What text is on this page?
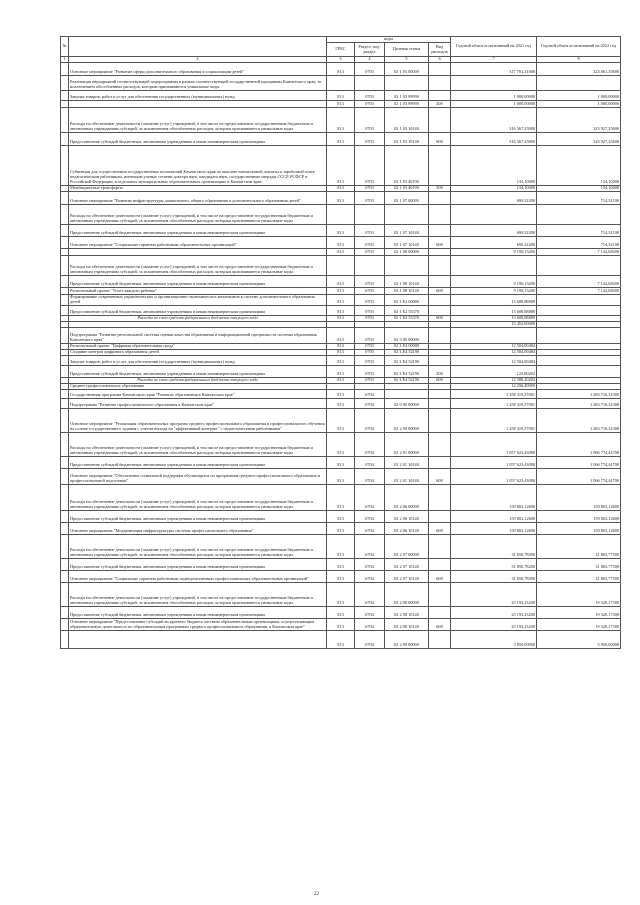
№		коды				Годовой объем ассигнований на 2021 год	Годовой объем ассигнований на 2022 год
		ГРБС	Раздел, под-раздел	Целевая статья	Вид расходов		
1	2	3	4	5	6	7	8
	Основное мероприятие "Развитие сферы дополнительного образования и социализации детей"	813	0703	02 1 03 00000		317 701,31000	323 061,35600
	Реализация мероприятий соответствующей подпрограммы в рамках соответствующей государственной программы Камчатского края, за исключением обособленных расходов, которым присваиваются уникальные коды						
	Закупка товаров, работ и услуг для обеспечения государственных (муниципальных) нужд	813	0703	02 1 03 99990		1 000,00000	1 000,00000
		813	0703	02 1 03 99990	200	1 000,00000	1 000,00000
	Расходы на обеспечение деятельности (оказание услуг) учреждений, в том числе на предоставление государственным бюджетным и автономным учреждениям субсидий, за исключением обособленных расходов, которым присваиваются уникальные коды	813	0703	02 1 03 10140		316 567,25900	323 927,25600
	Предоставление субсидий бюджетным, автономным учреждениям и иным некоммерческим организациям	813	0703	02 1 03 10140	600	316 567,25900	323 927,25600
	Субвенции для осуществления государственных полномочий Камчатского края по выплате ежемесячной доплаты к заработной плате педагогическим работникам, имеющим ученые степени доктора наук, кандидата наук, государственные награды СССР, РСФСР и Российской Федерации, в отдельных муниципальных образовательных организациях в Камчатском крае	813	0703	02 1 03 40190		134,10000	134,10000
	Межбюджетные трансферты	813	0703	02 1 03 40190	500	134,10000	134,10000
	Основное мероприятие "Развитие инфраструктуры дошкольного, общего образования и дополнительного образования детей"	813	0703	02 1 07 00000		690,32200	714,32100
	Расходы на обеспечение деятельности (оказание услуг) учреждений, в том числе на предоставление государственным бюджетным и автономным учреждениям субсидий, за исключением обособленных расходов, которым присваиваются уникальные коды						
	Предоставление субсидий бюджетным, автономным учреждениям и иным некоммерческим организациям	813	0703	02 1 07 10140		690,32200	714,32100
	Основное мероприятие "Социальные гарантии работникам образовательных организаций"	813	0703	02 1 07 10140	600	690,32200	714,32100
		813	0703	02 1 08 00000		9 190,15200	7 142,68200
	Расходы на обеспечение деятельности (оказание услуг) учреждений, в том числе на предоставление государственным бюджетным и автономным учреждениям субсидий, за исключением обособленных расходов, которым присваиваются уникальные коды						
	Предоставление субсидий бюджетным, автономным учреждениям и иным некоммерческим организациям	813	0703	02 1 08 10140		9 190,15200	7 142,68200
	Региональный проект "Успех каждого ребенка"	813	0703	02 1 08 10140	600	9 190,15200	7 142,68200
	Формирование современных управленческих и организационно-экономических механизмов в системе дополнительного образования детей	813	0703	02 1 E2 00000		15 608,88889	
	Предоставление субсидий бюджетным, автономным учреждениям и иным некоммерческим организациям	813	0703	02 1 E2 55370		15 608,88889	
	Расходы за счет средств федерального бюджета текущего года	813	0703	02 1 E2 55370	600	15 608,88889	
						15 452,60000	
	Подпрограмма "Развитие региональной системы оценки качества образования и информационной прозрачности системы образования Камчатского края"	813	0703	02 3 00 00000			
	Региональный проект "Цифровая образовательная среда"	813	0703	02 3 E4 00000		12 504,00484	
	Создание центров цифрового образования детей	813	0703	02 3 E4 52190		12 504,00484	
	Закупка товаров, работ и услуг для обеспечения государственных (муниципальных) нужд	813	0703	02 3 E4 52190		12 504,00484	
	Предоставление субсидий бюджетным, автономным учреждениям и иным некоммерческим организациям	813	0703	02 3 E4 52190	200	123,80202	
	Расходы за счет средств федерального бюджета текущего года	813	0703	02 3 E4 52190	600	12 380,20202	
	Среднее профессиональное образование					12 256,40000	
	Государственная программа Камчатского края "Развитие образования в Камчатском крае"	813	0704			1 258 319,57001	1 283 710,32300
	Подпрограмма "Развитие профессионального образования в Камчатском крае"	813	0704	02 0 00 00000		1 258 319,57001	1 283 710,32300
	Основное мероприятие "Реализация образовательных программ среднего профессионального образования и профессионального обучения на основе государственного задания с учетом выхода на "эффективный контракт" с педагогическими работниками"	813	0704	02 2 00 00000		1 258 319,57001	1 283 710,32300
	Расходы на обеспечение деятельности (оказание услуг) учреждений, в том числе на предоставление государственным бюджетным и автономным учреждениям субсидий, за исключением обособленных расходов, которым присваиваются уникальные коды	813	0704	02 2 01 00000		1 057 623,43000	1 066 774,44700
	Предоставление субсидий бюджетным, автономным учреждениям и иным некоммерческим организациям	813	0704	02 2 01 10140		1 057 623,43000	1 066 774,44700
	Основное мероприятие "Обеспечение социальной поддержки обучающихся по программам среднего профессионального образования и профессиональной подготовки"	813	0704	02 2 01 10140	600	1 057 623,43000	1 066 774,44700
	Расходы на обеспечение деятельности (оказание услуг) учреждений, в том числе на предоставление государственным бюджетным и автономным учреждениям субсидий, за исключением обособленных расходов, которым присваиваются уникальные коды	813	0704	02 2 06 00000		159 802,12600	159 802,12600
	Предоставление субсидий бюджетным, автономным учреждениям и иным некоммерческим организациям	813	0704	02 2 06 10140		159 802,12600	159 802,12600
	Основное мероприятие "Модернизация инфраструктуры системы профессионального образования"	813	0704	02 2 06 10140	600	159 802,12600	159 802,12600
	Расходы на обеспечение деятельности (оказание услуг) учреждений, в том числе на предоставление государственным бюджетным и автономным учреждениям субсидий, за исключением обособленных расходов, которым присваиваются уникальные коды	813	0704	02 2 07 00000		31 850,78200	31 863,77500
	Предоставление субсидий бюджетным, автономным учреждениям и иным некоммерческим организациям	813	0704	02 2 07 10140		31 850,78200	31 863,77500
	Основное мероприятие "Социальные гарантии работникам подведомственных профессиональных образовательных организаций"	813	0704	02 2 07 10140	600	31 850,78200	31 863,77500
	Расходы на обеспечение деятельности (оказание услуг) учреждений, в том числе на предоставление государственным бюджетным и автономным учреждениям субсидий, за исключением обособленных расходов, которым присваиваются уникальные коды	813	0704	02 2 08 00000		25 193,23200	19 320,17500
	Предоставление субсидий бюджетным, автономным учреждениям и иным некоммерческим организациям	813	0704	02 2 08 10140		25 193,23200	19 320,17500
	Основное мероприятие "Предоставление субсидий из краевого бюджета частным образовательным организациям, осуществляющим образовательную деятельность по образовательным программам среднего профессионального образования, в Камчатском крае"	813	0704	02 2 08 10140	600	25 193,23200	19 320,17500
		813	0704	02 2 09 00000		3 850,00000	5 950,00000
22
